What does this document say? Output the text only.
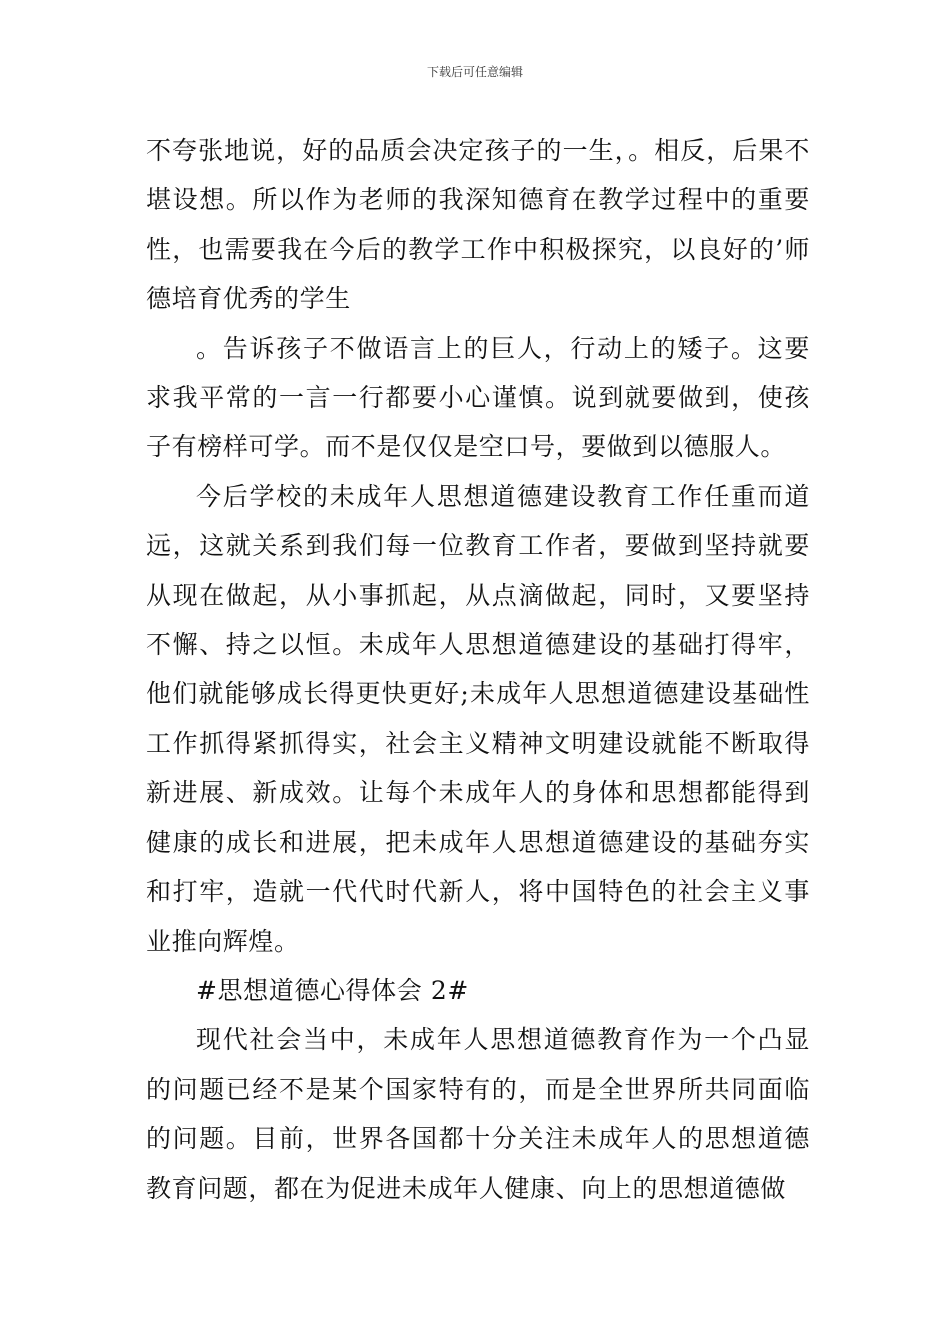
下载后可任意编辑

不夸张地说，好的品质会决定孩子的一生，。相反，后果不堪设想。所以作为老师的我深知德育在教学过程中的重要性，也需要我在今后的教学工作中积极探究，以良好的’师德培育优秀的学生

。告诉孩子不做语言上的巨人，行动上的矮子。这要求我平常的一言一行都要小心谨慎。说到就要做到，使孩子有榜样可学。而不是仅仅是空口号，要做到以德服人。

今后学校的未成年人思想道德建设教育工作任重而道远，这就关系到我们每一位教育工作者，要做到坚持就要从现在做起，从小事抓起，从点滴做起，同时，又要坚持不懈、持之以恒。未成年人思想道德建设的基础打得牢，他们就能够成长得更快更好;未成年人思想道德建设基础性工作抓得紧抓得实，社会主义精神文明建设就能不断取得新进展、新成效。让每个未成年人的身体和思想都能得到健康的成长和进展，把未成年人思想道德建设的基础夯实和打牢，造就一代代时代新人，将中国特色的社会主义事业推向辉煌。

#思想道德心得体会 2#

现代社会当中，未成年人思想道德教育作为一个凸显的问题已经不是某个国家特有的，而是全世界所共同面临的问题。目前，世界各国都十分关注未成年人的思想道德教育问题，都在为促进未成年人健康、向上的思想道德做
